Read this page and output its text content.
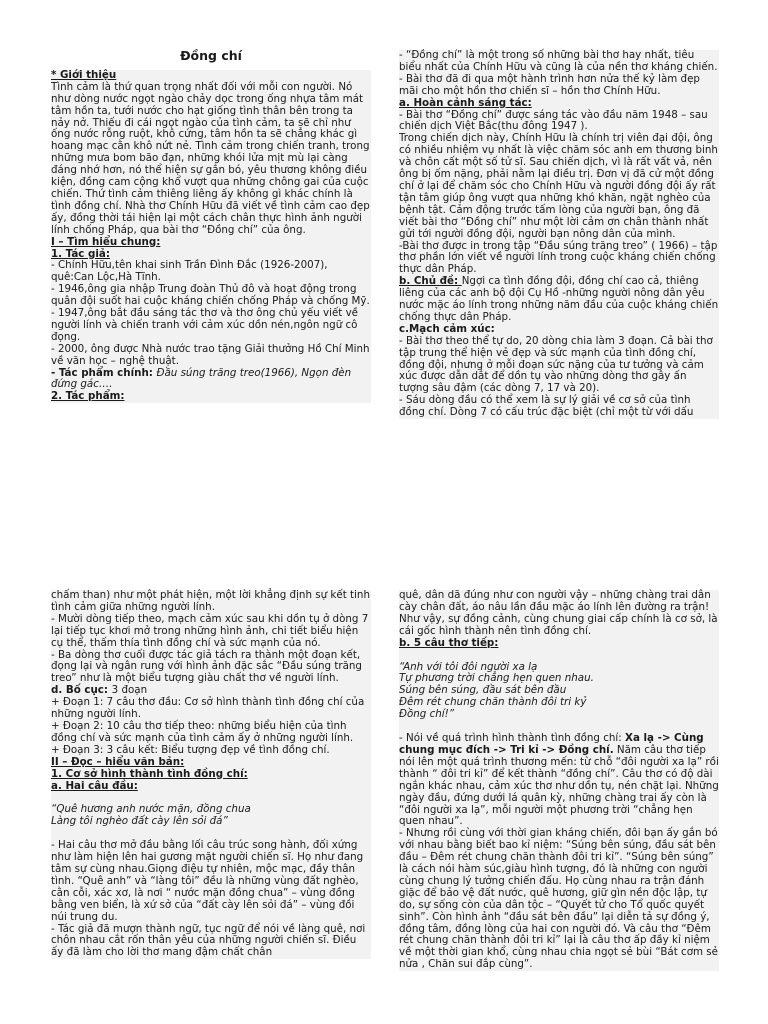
Đồng chí

* Giới thiệu

Tình cảm là thứ quan trọng nhất đối với mỗi con người. Nó như dòng nước ngọt ngào chảy dọc trong ống nhựa tâm mát tâm hồn ta, tưới nước cho hạt giống tình thân bên trong ta nảy nở. Thiếu đi cái ngọt ngào của tình cảm, ta sẽ chỉ như ống nước rỗng ruột, khô cứng, tâm hồn ta sẽ chẳng khác gì hoang mạc cằn khô nứt nẻ. Tình cảm trong chiến tranh, trong những mưa bom bão đạn, những khói lửa mịt mù lại càng đáng nhớ hơn, nó thể hiện sự gắn bó, yêu thương không điều kiện, đồng cam cộng khổ vượt qua những chông gai của cuộc chiến. Thứ tình cảm thiêng liêng ấy không gì khác chính là tình đồng chí. Nhà thơ Chính Hữu đã viết về tình cảm cao đẹp ấy, đồng thời tái hiện lại một cách chân thực hình ảnh người lính chống Pháp, qua bài thơ “Đồng chí” của ông.

I – Tìm hiểu chung:

1. Tác giả:

- Chính Hữu,tên khai sinh Trần Đình Đắc (1926-2007), quê:Can Lộc,Hà Tĩnh.

- 1946,ông gia nhập Trung đoàn Thủ đô và hoạt động trong quân đội suốt hai cuộc kháng chiến chống Pháp và chống Mỹ.

- 1947,ông bắt đầu sáng tác thơ và thơ ông chủ yếu viết về người lính và chiến tranh với cảm xúc dồn nén,ngôn ngữ cô đọng.

- 2000, ông được Nhà nước trao tặng Giải thưởng Hồ Chí Minh về văn học – nghệ thuật.

- Tác phẩm chính: Đầu súng trăng treo(1966), Ngọn đèn đứng gác….

2. Tác phẩm:

- “Đồng chí” là một trong số những bài thơ hay nhất, tiêu biểu nhất của Chính Hữu và cũng là của nền thơ kháng chiến.

- Bài thơ đã đi qua một hành trình hơn nửa thế kỷ làm đẹp mãi cho một hồn thơ chiến sĩ – hồn thơ Chính Hữu.

a. Hoàn cảnh sáng tác:

- Bài thơ “Đồng chí” được sáng tác vào đầu năm 1948 – sau chiến dịch Việt Bắc(thu đông 1947 ).
Trong chiến dịch này, Chính Hữu là chính trị viên đại đội, ông có nhiều nhiệm vụ nhất là việc chăm sóc anh em thương binh và chôn cất một số tử sĩ. Sau chiến dịch, vì là rất vất vả, nên ông bị ốm nặng, phải nằm lại điều trị. Đơn vị đã cử một đồng chí ở lại để chăm sóc cho Chính Hữu và người đồng đội ấy rất tận tâm giúp ông vượt qua những khó khăn, ngặt nghèo của bệnh tật. Cảm động trước tấm lòng của người bạn, ông đã viết bài thơ “Đồng chí” như một lời cảm ơn chân thành nhất gửi tới người đồng đội, người bạn nông dân của mình.

-Bài thơ được in trong tập “Đầu súng trăng treo” ( 1966) – tập thơ phần lớn viết về người lính trong cuộc kháng chiến chống thực dân Pháp.

b. Chủ đề: Ngợi ca tình đồng đội, đồng chí cao cả, thiêng liêng của các anh bộ đội Cụ Hồ -những người nông dân yêu nước mặc áo lính trong những năm đầu của cuộc kháng chiến chống thực dân Pháp.

c.Mạch cảm xúc:

- Bài thơ theo thể tự do, 20 dòng chia làm 3 đoạn. Cả bài thơ tập trung thể hiện vẻ đẹp và sức mạnh của tình đồng chí, đồng đội, nhưng ở mỗi đoạn sức nặng của tư tưởng và cảm xúc được dẫn dắt để dồn tụ vào những dòng thơ gây ấn tượng sâu đậm (các dòng 7, 17 và 20).

- Sáu dòng đầu có thể xem là sự lý giải về cơ sở của tình đồng chí. Dòng 7 có cấu trúc đặc biệt (chỉ một từ với dấu

chấm than) như một phát hiện, một lời khẳng định sự kết tinh tình cảm giữa những người lính.

- Mười dòng tiếp theo, mạch cảm xúc sau khi dồn tụ ở dòng 7 lại tiếp tục khơi mở trong những hình ảnh, chi tiết biểu hiện cụ thể, thấm thía tình đồng chí và sức mạnh của nó.

- Ba dòng thơ cuối được tác giả tách ra thành một đoạn kết, đọng lại và ngân rung với hình ảnh đặc sắc “Đầu súng trăng treo” như là một biểu tượng giàu chất thơ về người lính.

d. Bố cục: 3 đoạn

+ Đoạn 1: 7 câu thơ đầu: Cơ sở hình thành tình đồng chí của những người lính.

+ Đoạn 2: 10 câu thơ tiếp theo: những biểu hiện của tình đồng chí và sức mạnh của tình cảm ấy ở những người lính.

+ Đoạn 3: 3 câu kết: Biểu tượng đẹp về tình đồng chí.

II – Đọc – hiểu văn bản:

1. Cơ sở hình thành tình đồng chí:

a. Hai câu đầu:

“Quê hương anh nước mặn, đồng chua
Làng tôi nghèo đất cày lên sỏi đá”

- Hai câu thơ mở đầu bằng lối câu trúc song hành, đối xứng như làm hiện lên hai gương mặt người chiến sĩ. Họ như đang tâm sự cùng nhau.Giọng điệu tự nhiên, mộc mạc, đầy thân tình. “Quê anh” và “làng tôi” đều là những vùng đất nghèo, cằn cỗi, xác xơ, là nơi “ nước mặn đồng chua” – vùng đồng bằng ven biển, là xứ sở của “đất cày lên sỏi đá” – vùng đồi núi trung du.

- Tác giả đã mượn thành ngữ, tục ngữ để nói về làng quê, nơi chôn nhau cắt rốn thân yêu của những người chiến sĩ. Điều ấy đã làm cho lời thơ mang đậm chất chân

quê, dân dã đúng như con người vậy – những chàng trai dân cày chân đất, áo nâu lần đầu mặc áo lính lên đường ra trận! Như vậy, sự đồng cảnh, cùng chung giai cấp chính là cơ sở, là cái gốc hình thành nên tình đồng chí.

b. 5 câu thơ tiếp:

“Anh với tôi đôi người xa lạ
Tự phương trời chẳng hẹn quen nhau.
Súng bên súng, đầu sát bên đầu
Đêm rét chung chăn thành đôi tri kỷ
Đồng chí!”

- Nói về quá trình hình thành tình đồng chí: Xa lạ -> Cùng chung mục đích -> Tri kỉ -> Đồng chí. Năm câu thơ tiếp nói lên một quá trình thương mến: từ chỗ “đôi người xa lạ” rồi thành “ đôi tri kỉ” để kết thành “đồng chí”. Câu thơ có độ dài ngắn khác nhau, cảm xúc thơ như dồn tụ, nén chặt lại. Những ngày đầu, đứng dưới lá quân kỳ, những chàng trai ấy còn là “đôi người xa lạ”, mỗi người một phương trời “chẳng hẹn quen nhau”.

- Nhưng rồi cùng với thời gian kháng chiến, đôi bạn ấy gắn bó với nhau bằng biết bao kỉ niệm: “Súng bên súng, đầu sát bên đầu – Đêm rét chung chăn thành đôi tri kỉ”. “Súng bên súng” là cách nói hàm súc,giàu hình tượng, đó là những con người cùng chung lý tưởng chiến đấu. Họ cùng nhau ra trận đánh giặc để bảo vệ đất nước, quê hương, giữ gìn nền độc lập, tự do, sự sống còn của dân tộc – “Quyết tử cho Tổ quốc quyết sinh”. Còn hình ảnh “đầu sát bên đầu” lại diễn tả sự đồng ý, đồng tâm, đồng lòng của hai con người đó. Và câu thơ “Đêm rét chung chăn thành đôi tri kỉ” lại là câu thơ ấp đầy kỉ niệm về một thời gian khổ, cùng nhau chia ngọt sẻ bùi “Bát cơm sẻ nửa , Chăn sui đắp cùng”.
